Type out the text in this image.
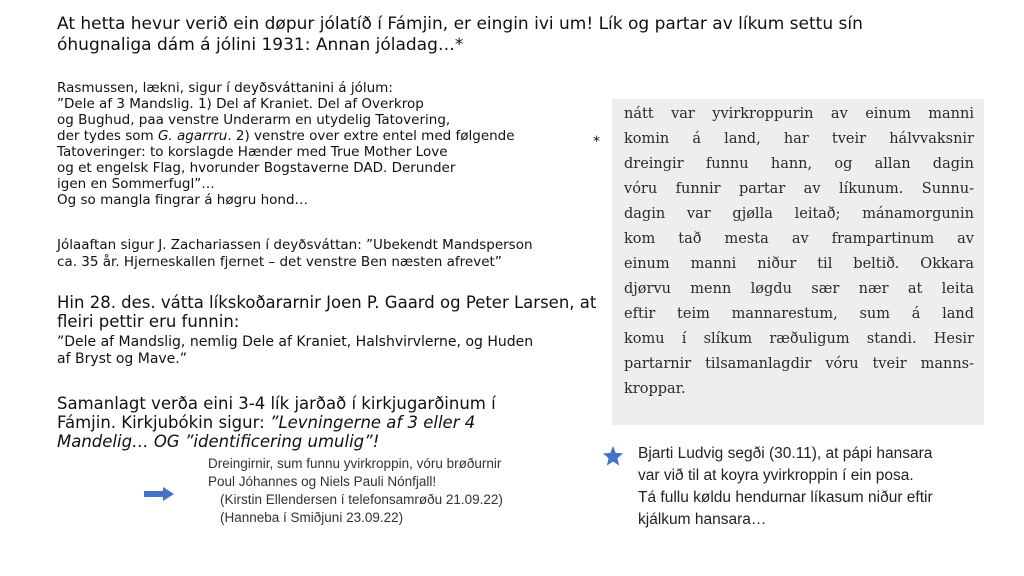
At hetta hevur verið ein døpur jólatíð í Fámjin, er eingin ivi um! Lík og partar av líkum settu sín óhugnaliga dám á jólini 1931: Annan jóladag…*
Rasmussen, lækni, sigur í deyðsváttanini á jólum:
”Dele af 3 Mandslig. 1) Del af Kraniet. Del af Overkrop
og Bughud, paa venstre Underarm en utydelig Tatovering,
der tydes som G. agarrru. 2) venstre over extre entel med følgende
Tatoveringer: to korslagde Hænder med True Mother Love
og et engelsk Flag, hvorunder Bogstaverne DAD. Derunder
igen en Sommerfugl”…
Og so mangla fingrar á høgru hond…
*
Jólaaftan sigur J. Zachariassen í deyðsváttan: ”Ubekendt Mandsperson
ca. 35 år. Hjerneskallen fjernet – det venstre Ben næsten afrevet”
Hin 28. des. vátta líkskoðararnir Joen P. Gaard og Peter Larsen, at fleiri pettir eru funnin:
”Dele af Mandslig, nemlig Dele af Kraniet, Halshvirvlerne, og Huden
af Bryst og Mave.”
Samanlagt verða eini 3-4 lík jarðað í kirkjugarðinum í Fámjin. Kirkjubókin sigur: ”Levningerne af 3 eller 4 Mandelig… OG ”identificering umulig”!
Dreingirnir, sum funnu yvirkroppin, vóru brøðurnir
Poul Jóhannes og Niels Pauli Nónfjall!
(Kirstin Ellendersen í telefonsamrøðu 21.09.22)
(Hanneba í Smiðjuni 23.09.22)
nátt var yvirkroppurin av einum manni
komin á land, har tveir hálvvaksnir
dreingir funnu hann, og allan dagin
vóru funnir partar av líkunum. Sunnu-
dagin var gjølla leitað; mánamorgunin
kom tað mesta av frampartinum av
einum manni niður til beltið. Okkara
djørvu menn løgdu sær nær at leita
eftir teim mannarestum, sum á land
komu í slíkum ræðuligum standi. Hesir
partarnir tilsamanlagdir vóru tveir manns-
kroppar.
Bjarti Ludvig segði (30.11), at pápi hansara
var við til at koyra yvirkroppin í ein posa.
Tá fullu køldu hendurnar líkasum niður eftir
kjálkum hansara…
